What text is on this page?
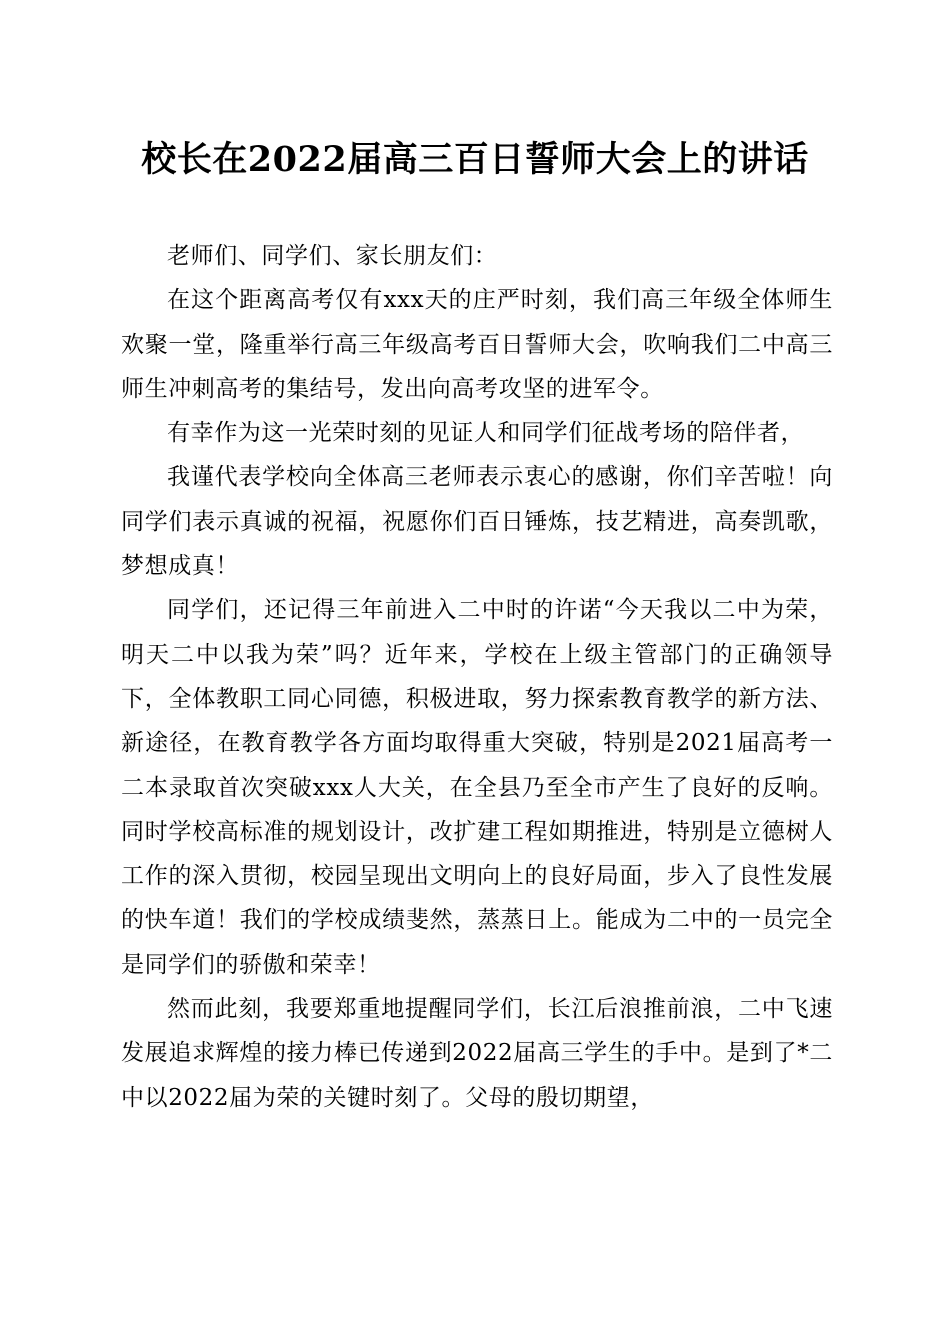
校长在2022届高三百日誓师大会上的讲话

老师们、同学们、家长朋友们：

在这个距离高考仅有xxx天的庄严时刻，我们高三年级全体师生欢聚一堂，隆重举行高三年级高考百日誓师大会，吹响我们二中高三师生冲刺高考的集结号，发出向高考攻坚的进军令。

有幸作为这一光荣时刻的见证人和同学们征战考场的陪伴者，

我谨代表学校向全体高三老师表示衷心的感谢，你们辛苦啦！向同学们表示真诚的祝福，祝愿你们百日锤炼，技艺精进，高奏凯歌，梦想成真！

同学们，还记得三年前进入二中时的许诺“今天我以二中为荣，明天二中以我为荣”吗？近年来，学校在上级主管部门的正确领导下，全体教职工同心同德，积极进取，努力探索教育教学的新方法、新途径，在教育教学各方面均取得重大突破，特别是2021届高考一二本录取首次突破xxx人大关，在全县乃至全市产生了良好的反响。同时学校高标准的规划设计，改扩建工程如期推进，特别是立德树人工作的深入贯彻，校园呈现出文明向上的良好局面，步入了良性发展的快车道！我们的学校成绩斐然，蒸蒸日上。能成为二中的一员完全是同学们的骄傲和荣幸！

然而此刻，我要郑重地提醒同学们，长江后浪推前浪，二中飞速发展追求辉煌的接力棒已传递到2022届高三学生的手中。是到了*二中以2022届为荣的关键时刻了。父母的殷切期望，
